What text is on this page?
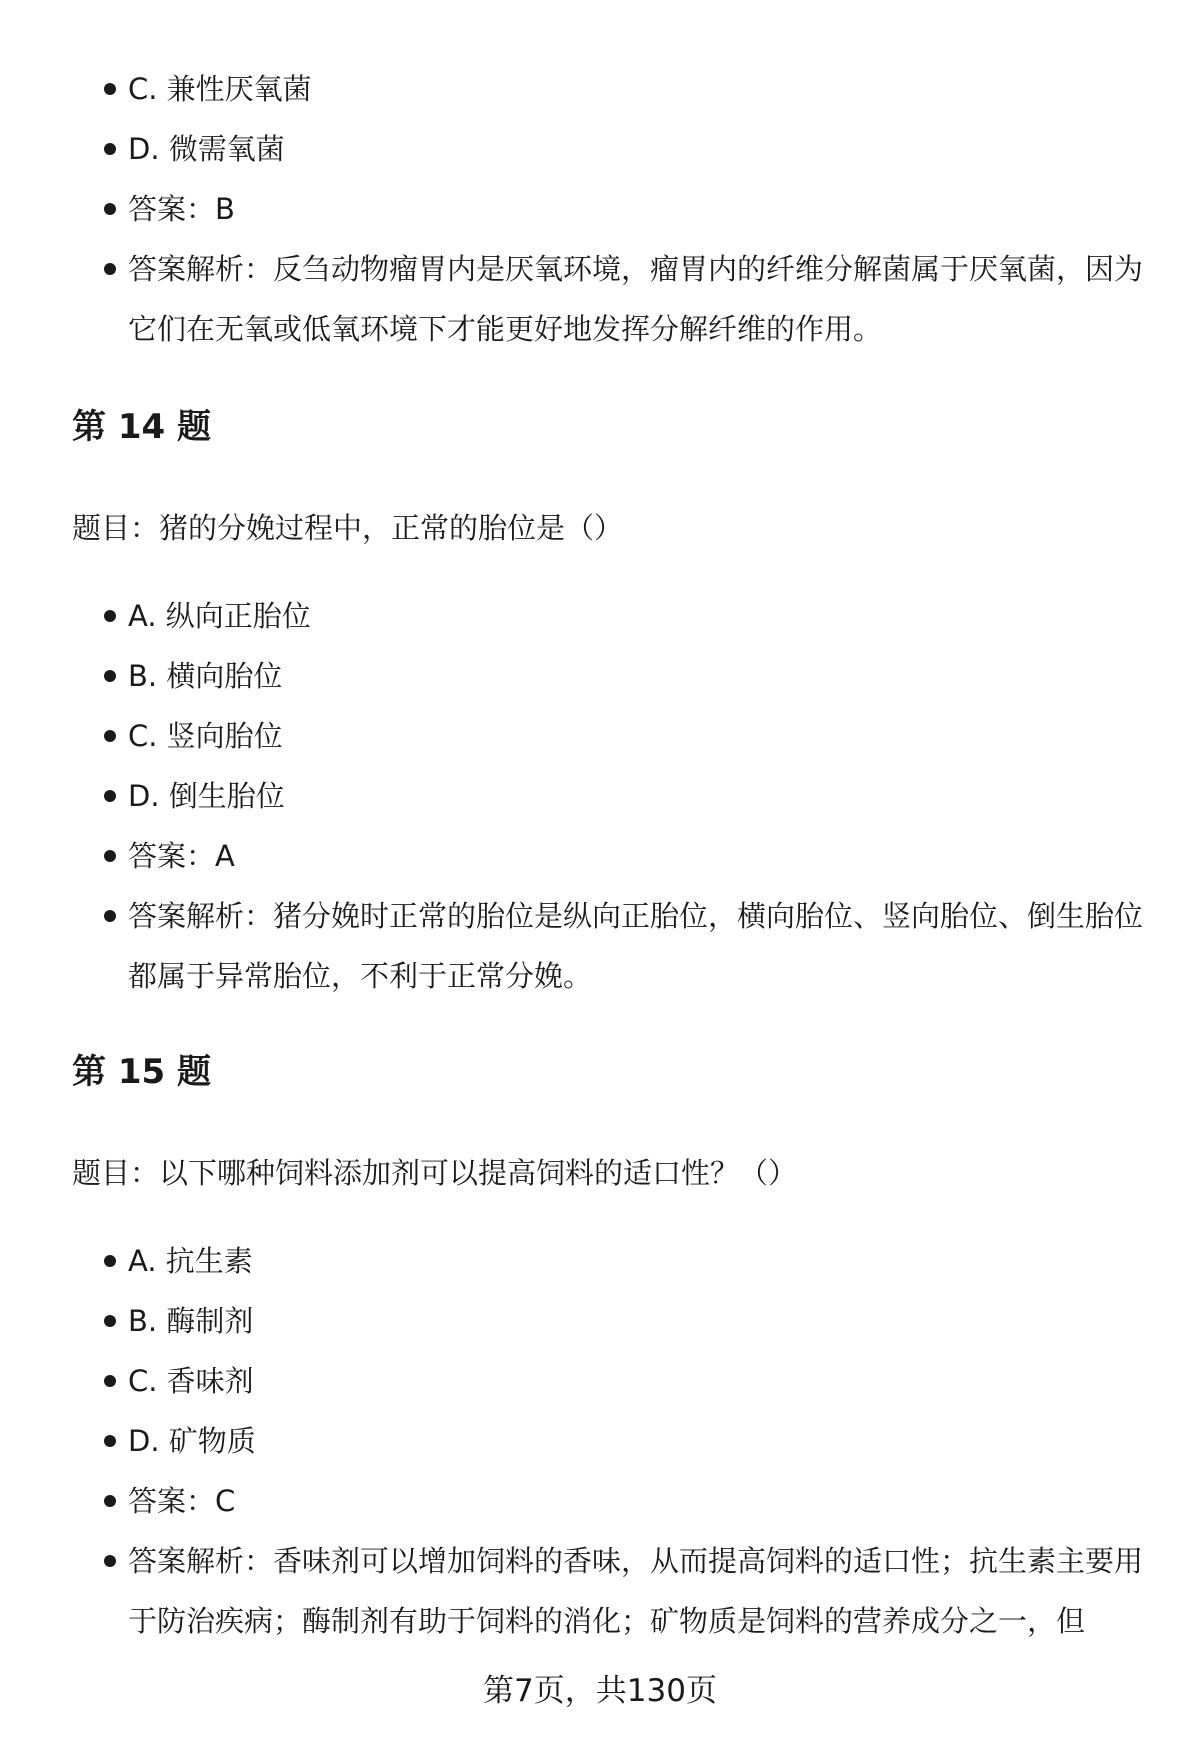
C. 兼性厌氧菌
D. 微需氧菌
答案：B
答案解析：反刍动物瘤胃内是厌氧环境，瘤胃内的纤维分解菌属于厌氧菌，因为它们在无氧或低氧环境下才能更好地发挥分解纤维的作用。
第 14 题

题目：猪的分娩过程中，正常的胎位是（）

A. 纵向正胎位
B. 横向胎位
C. 竖向胎位
D. 倒生胎位
答案：A
答案解析：猪分娩时正常的胎位是纵向正胎位，横向胎位、竖向胎位、倒生胎位都属于异常胎位，不利于正常分娩。
第 15 题

题目：以下哪种饲料添加剂可以提高饲料的适口性？（）

A. 抗生素
B. 酶制剂
C. 香味剂
D. 矿物质
答案：C
答案解析：香味剂可以增加饲料的香味，从而提高饲料的适口性；抗生素主要用于防治疾病；酶制剂有助于饲料的消化；矿物质是饲料的营养成分之一，但
第7页，共130页
